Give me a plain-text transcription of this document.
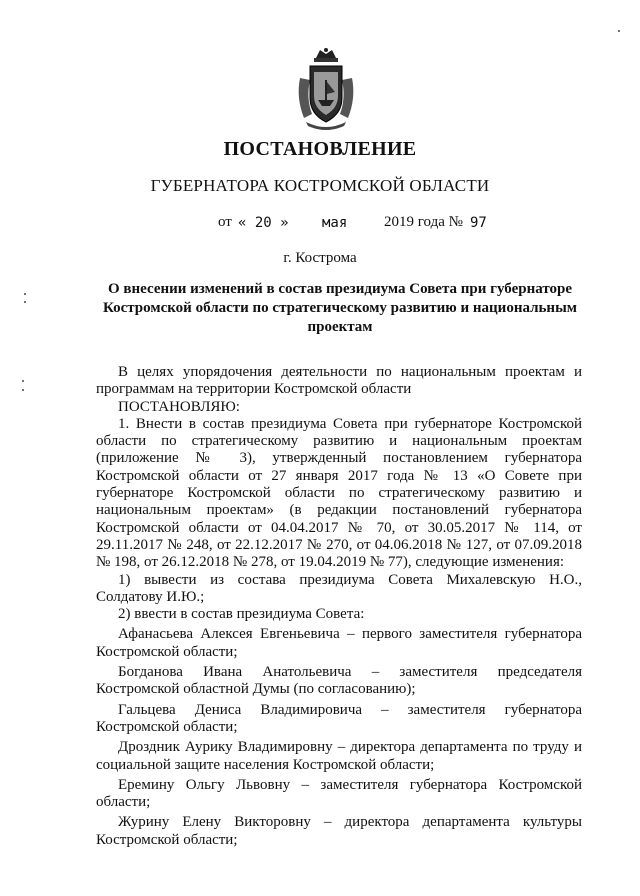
ПОСТАНОВЛЕНИЕ
ГУБЕРНАТОРА КОСТРОМСКОЙ ОБЛАСТИ
от « 20 » мая 2019 года № 97
г. Кострома
О внесении изменений в состав президиума Совета при губернаторе Костромской области по стратегическому развитию и национальным проектам

В целях упорядочения деятельности по национальным проектам и программам на территории Костромской области

ПОСТАНОВЛЯЮ:

1. Внести в состав президиума Совета при губернаторе Костромской области по стратегическому развитию и национальным проектам (приложение № 3), утвержденный постановлением губернатора Костромской области от 27 января 2017 года № 13 «О Совете при губернаторе Костромской области по стратегическому развитию и национальным проектам» (в редакции постановлений губернатора Костромской области от 04.04.2017 № 70, от 30.05.2017 № 114, от 29.11.2017 № 248, от 22.12.2017 № 270, от 04.06.2018 № 127, от 07.09.2018 № 198, от 26.12.2018 № 278, от 19.04.2019 № 77), следующие изменения:

1) вывести из состава президиума Совета Михалевскую Н.О., Солдатову И.Ю.;

2) ввести в состав президиума Совета:

Афанасьева Алексея Евгеньевича – первого заместителя губернатора Костромской области;

Богданова Ивана Анатольевича – заместителя председателя Костромской областной Думы (по согласованию);

Гальцева Дениса Владимировича – заместителя губернатора Костромской области;

Дроздник Аурику Владимировну – директора департамента по труду и социальной защите населения Костромской области;

Еремину Ольгу Львовну – заместителя губернатора Костромской области;

Журину Елену Викторовну – директора департамента культуры Костромской области;
